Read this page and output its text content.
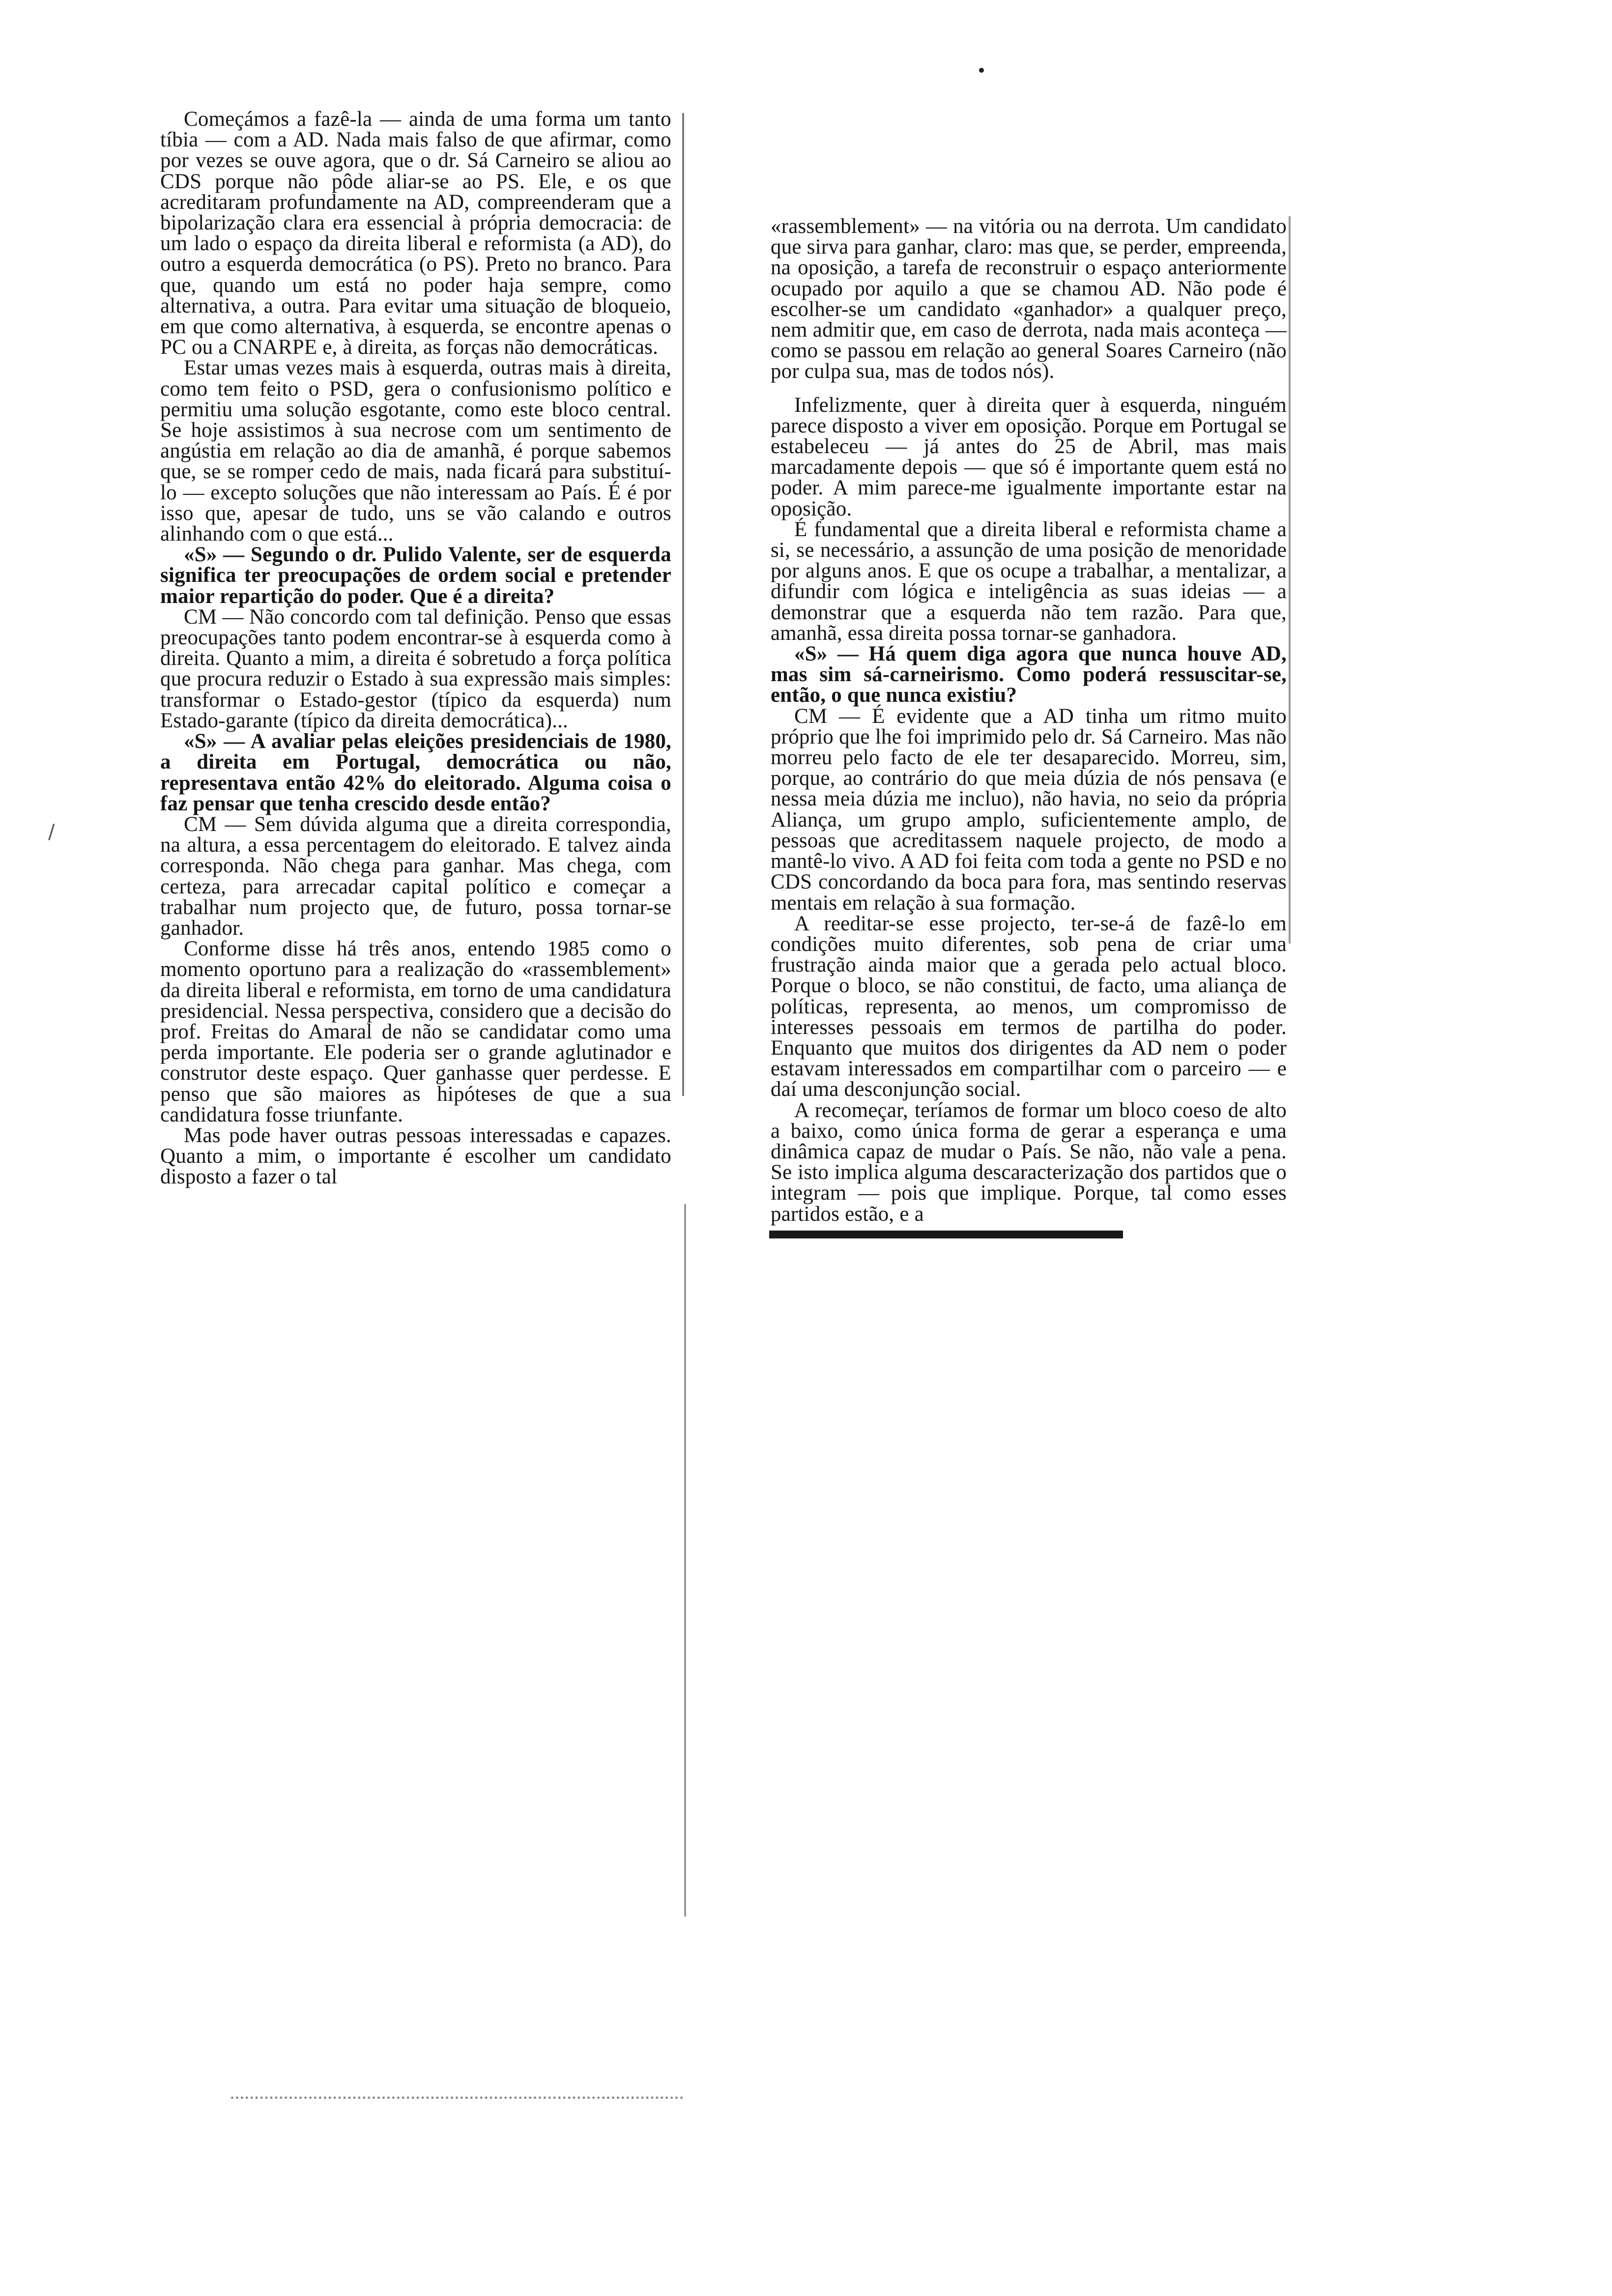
/

Começámos a fazê-la — ainda de uma forma um tanto tíbia — com a AD. Nada mais falso de que afirmar, como por vezes se ouve agora, que o dr. Sá Carneiro se aliou ao CDS porque não pôde aliar-se ao PS. Ele, e os que acreditaram profundamente na AD, compreenderam que a bipolarização clara era essencial à própria democracia: de um lado o espaço da direita liberal e reformista (a AD), do outro a esquerda democrática (o PS). Preto no branco. Para que, quando um está no poder haja sempre, como alternativa, a outra. Para evitar uma situação de bloqueio, em que como alternativa, à esquerda, se encontre apenas o PC ou a CNARPE e, à direita, as forças não democráticas.

Estar umas vezes mais à esquerda, outras mais à direita, como tem feito o PSD, gera o confusionismo político e permitiu uma solução esgotante, como este bloco central. Se hoje assistimos à sua necrose com um sentimento de angústia em relação ao dia de amanhã, é porque sabemos que, se se romper cedo de mais, nada ficará para substituí-lo — excepto soluções que não interessam ao País. É é por isso que, apesar de tudo, uns se vão calando e outros alinhando com o que está...

«S» — Segundo o dr. Pulido Valente, ser de esquerda significa ter preocupações de ordem social e pretender maior repartição do poder. Que é a direita?

CM — Não concordo com tal definição. Penso que essas preocupações tanto podem encontrar-se à esquerda como à direita. Quanto a mim, a direita é sobretudo a força política que procura reduzir o Estado à sua expressão mais simples: transformar o Estado-gestor (típico da esquerda) num Estado-garante (típico da direita democrática)...

«S» — A avaliar pelas eleições presidenciais de 1980, a direita em Portugal, democrática ou não, representava então 42% do eleitorado. Alguma coisa o faz pensar que tenha crescido desde então?

CM — Sem dúvida alguma que a direita correspondia, na altura, a essa percentagem do eleitorado. E talvez ainda corresponda. Não chega para ganhar. Mas chega, com certeza, para arrecadar capital político e começar a trabalhar num projecto que, de futuro, possa tornar-se ganhador.

Conforme disse há três anos, entendo 1985 como o momento oportuno para a realização do «rassemblement» da direita liberal e reformista, em torno de uma candidatura presidencial. Nessa perspectiva, considero que a decisão do prof. Freitas do Amaral de não se candidatar como uma perda importante. Ele poderia ser o grande aglutinador e construtor deste espaço. Quer ganhasse quer perdesse. E penso que são maiores as hipóteses de que a sua candidatura fosse triunfante.

Mas pode haver outras pessoas interessadas e capazes. Quanto a mim, o importante é escolher um candidato disposto a fazer o tal

«rassemblement» — na vitória ou na derrota. Um candidato que sirva para ganhar, claro: mas que, se perder, empreenda, na oposição, a tarefa de reconstruir o espaço anteriormente ocupado por aquilo a que se chamou AD. Não pode é escolher-se um candidato «ganhador» a qualquer preço, nem admitir que, em caso de derrota, nada mais aconteça — como se passou em relação ao general Soares Carneiro (não por culpa sua, mas de todos nós).

Infelizmente, quer à direita quer à esquerda, ninguém parece disposto a viver em oposição. Porque em Portugal se estabeleceu — já antes do 25 de Abril, mas mais marcadamente depois — que só é importante quem está no poder. A mim parece-me igualmente importante estar na oposição.

É fundamental que a direita liberal e reformista chame a si, se necessário, a assunção de uma posição de menoridade por alguns anos. E que os ocupe a trabalhar, a mentalizar, a difundir com lógica e inteligência as suas ideias — a demonstrar que a esquerda não tem razão. Para que, amanhã, essa direita possa tornar-se ganhadora.

«S» — Há quem diga agora que nunca houve AD, mas sim sá-carneirismo. Como poderá ressuscitar-se, então, o que nunca existiu?

CM — É evidente que a AD tinha um ritmo muito próprio que lhe foi imprimido pelo dr. Sá Carneiro. Mas não morreu pelo facto de ele ter desaparecido. Morreu, sim, porque, ao contrário do que meia dúzia de nós pensava (e nessa meia dúzia me incluo), não havia, no seio da própria Aliança, um grupo amplo, suficientemente amplo, de pessoas que acreditassem naquele projecto, de modo a mantê-lo vivo. A AD foi feita com toda a gente no PSD e no CDS concordando da boca para fora, mas sentindo reservas mentais em relação à sua formação.

A reeditar-se esse projecto, ter-se-á de fazê-lo em condições muito diferentes, sob pena de criar uma frustração ainda maior que a gerada pelo actual bloco. Porque o bloco, se não constitui, de facto, uma aliança de políticas, representa, ao menos, um compromisso de interesses pessoais em termos de partilha do poder. Enquanto que muitos dos dirigentes da AD nem o poder estavam interessados em compartilhar com o parceiro — e daí uma desconjunção social.

A recomeçar, teríamos de formar um bloco coeso de alto a baixo, como única forma de gerar a esperança e uma dinâmica capaz de mudar o País. Se não, não vale a pena. Se isto implica alguma descaracterização dos partidos que o integram — pois que implique. Porque, tal como esses partidos estão, e a
